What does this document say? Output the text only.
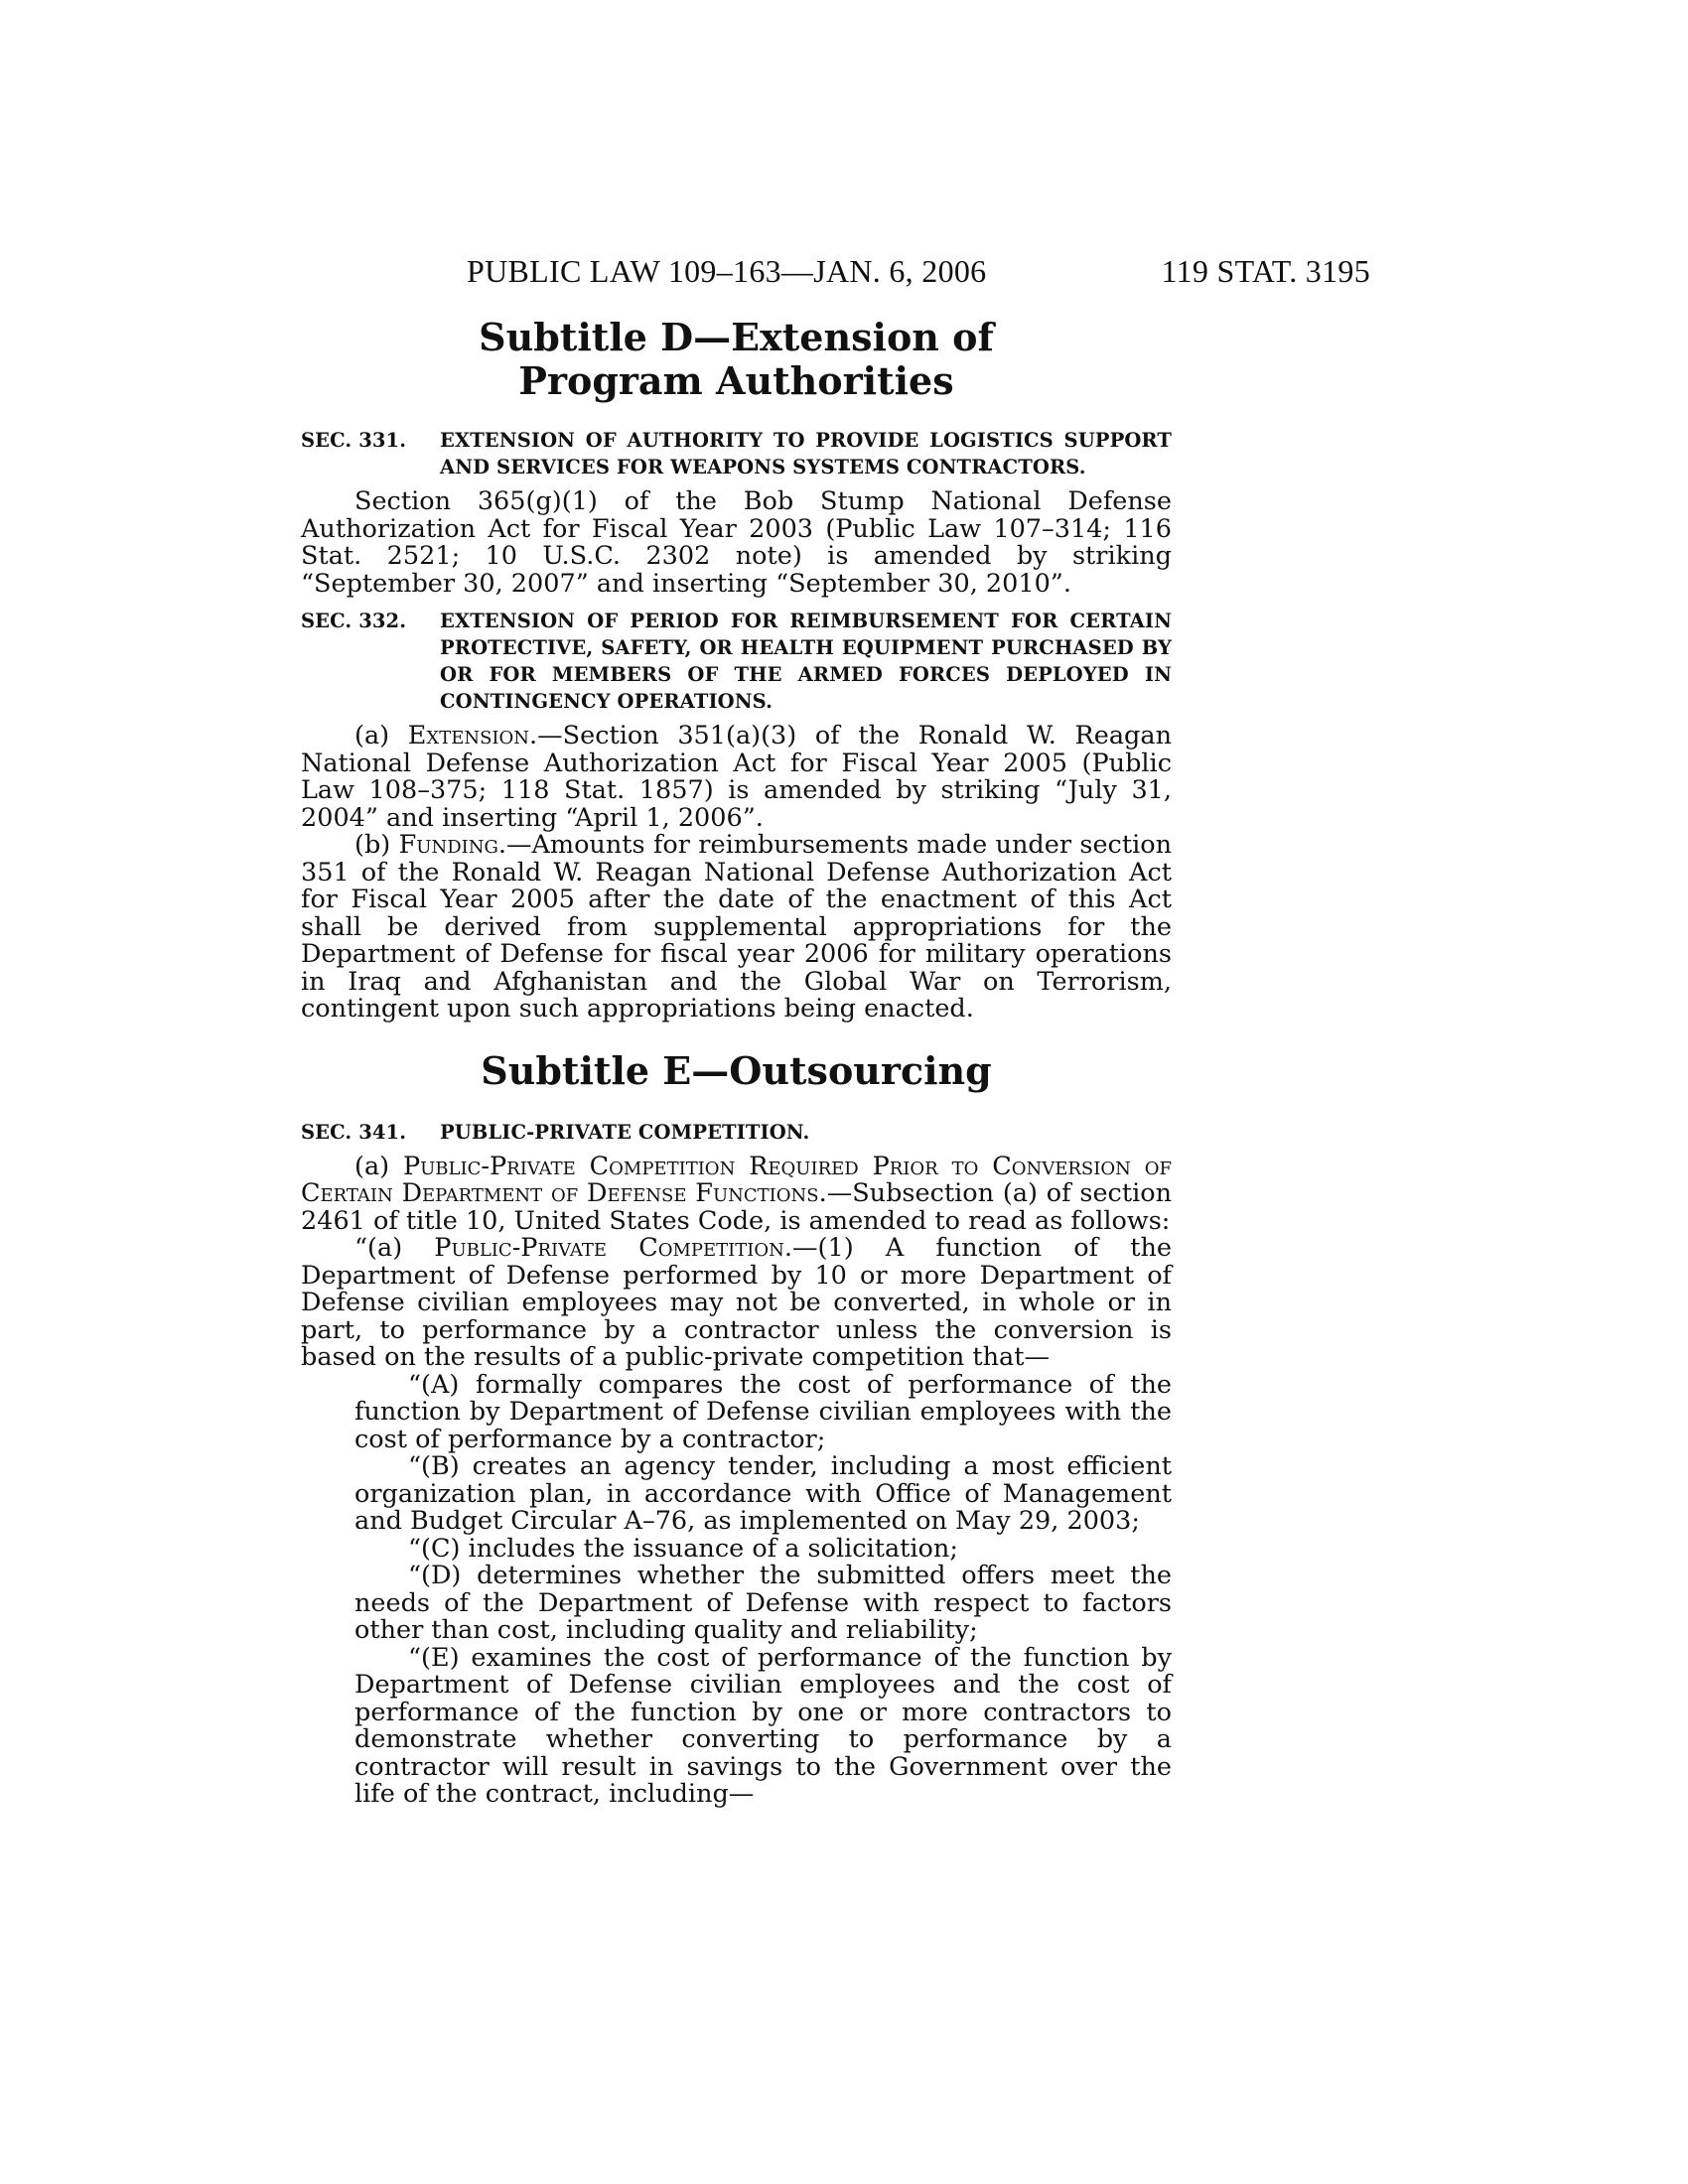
PUBLIC LAW 109–163—JAN. 6, 2006	119 STAT. 3195
Subtitle D—Extension of Program Authorities

SEC. 331. EXTENSION OF AUTHORITY TO PROVIDE LOGISTICS SUPPORT AND SERVICES FOR WEAPONS SYSTEMS CONTRACTORS.

Section 365(g)(1) of the Bob Stump National Defense Authorization Act for Fiscal Year 2003 (Public Law 107–314; 116 Stat. 2521; 10 U.S.C. 2302 note) is amended by striking “September 30, 2007” and inserting “September 30, 2010”.

SEC. 332. EXTENSION OF PERIOD FOR REIMBURSEMENT FOR CERTAIN PROTECTIVE, SAFETY, OR HEALTH EQUIPMENT PURCHASED BY OR FOR MEMBERS OF THE ARMED FORCES DEPLOYED IN CONTINGENCY OPERATIONS.

(a) Extension.—Section 351(a)(3) of the Ronald W. Reagan National Defense Authorization Act for Fiscal Year 2005 (Public Law 108–375; 118 Stat. 1857) is amended by striking “July 31, 2004” and inserting “April 1, 2006”.

(b) Funding.—Amounts for reimbursements made under section 351 of the Ronald W. Reagan National Defense Authorization Act for Fiscal Year 2005 after the date of the enactment of this Act shall be derived from supplemental appropriations for the Department of Defense for fiscal year 2006 for military operations in Iraq and Afghanistan and the Global War on Terrorism, contingent upon such appropriations being enacted.

Subtitle E—Outsourcing

SEC. 341. PUBLIC-PRIVATE COMPETITION.

(a) Public-Private Competition Required Prior to Conversion of Certain Department of Defense Functions.—Subsection (a) of section 2461 of title 10, United States Code, is amended to read as follows:

“(a) Public-Private Competition.—(1) A function of the Department of Defense performed by 10 or more Department of Defense civilian employees may not be converted, in whole or in part, to performance by a contractor unless the conversion is based on the results of a public-private competition that—

“(A) formally compares the cost of performance of the function by Department of Defense civilian employees with the cost of performance by a contractor;

“(B) creates an agency tender, including a most efficient organization plan, in accordance with Office of Management and Budget Circular A–76, as implemented on May 29, 2003;

“(C) includes the issuance of a solicitation;

“(D) determines whether the submitted offers meet the needs of the Department of Defense with respect to factors other than cost, including quality and reliability;

“(E) examines the cost of performance of the function by Department of Defense civilian employees and the cost of performance of the function by one or more contractors to demonstrate whether converting to performance by a contractor will result in savings to the Government over the life of the contract, including—
